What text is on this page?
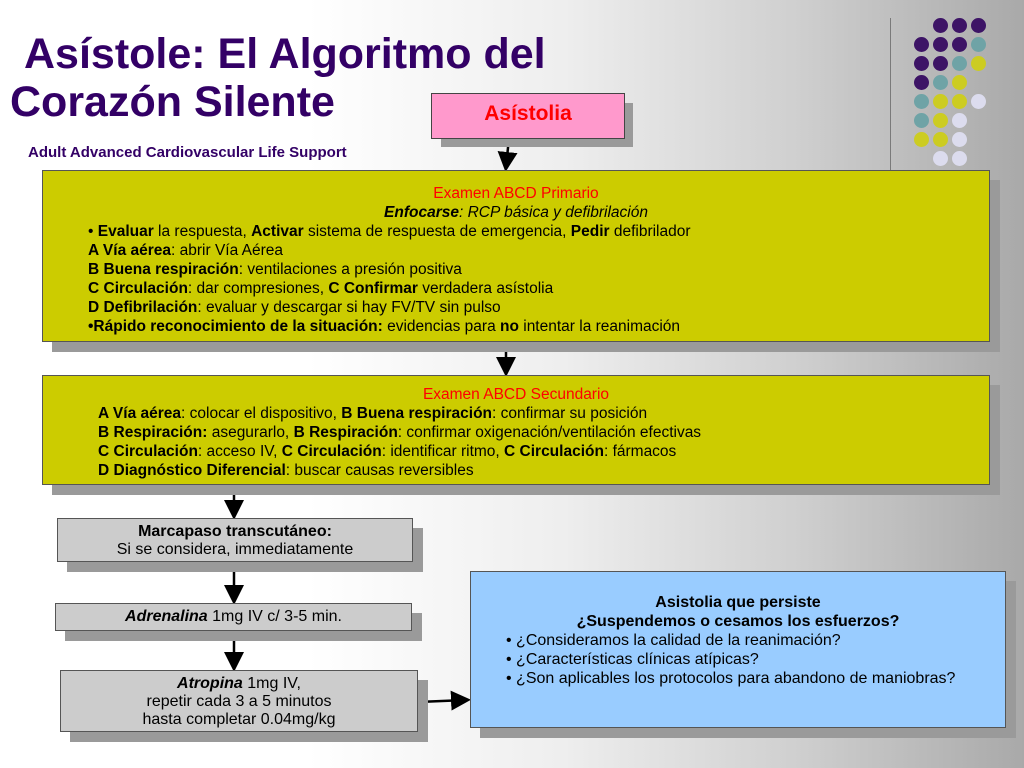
Asístole: El Algoritmo del
Corazón Silente
Adult Advanced Cardiovascular Life Support
Asístolia
Examen ABCD Primario
Enfocarse: RCP básica y defibrilación
• Evaluar la respuesta, Activar sistema de respuesta de emergencia, Pedir defibrilador
A Vía aérea: abrir Vía Aérea
B Buena respiración: ventilaciones a presión positiva
C Circulación: dar compresiones, C Confirmar verdadera asístolia
D Defibrilación: evaluar y descargar si hay FV/TV sin pulso
•Rápido reconocimiento de la situación: evidencias para no intentar la reanimación
Examen ABCD Secundario
A Vía aérea: colocar el dispositivo, B Buena respiración: confirmar su posición
B Respiración: asegurarlo, B Respiración: confirmar oxigenación/ventilación efectivas
C Circulación: acceso IV, C Circulación: identificar ritmo, C Circulación: fármacos
D Diagnóstico Diferencial: buscar causas reversibles
Marcapaso transcutáneo:
Si se considera, immediatamente
Adrenalina 1mg IV c/ 3-5 min.
Atropina 1mg IV,
repetir cada 3 a 5 minutos
hasta completar 0.04mg/kg
Asistolia que persiste
¿Suspendemos o cesamos los esfuerzos?
• ¿Consideramos la calidad de la reanimación?
• ¿Características clínicas atípicas?
• ¿Son aplicables los protocolos para abandono de maniobras?
